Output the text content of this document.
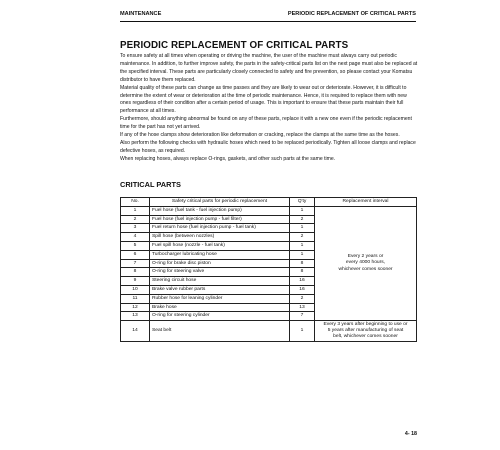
MAINTENANCE	PERIODIC REPLACEMENT OF CRITICAL PARTS
PERIODIC REPLACEMENT OF CRITICAL PARTS

To ensure safety at all times when operating or driving the machine, the user of the machine must always carry out periodic maintenance. In addition, to further improve safety, the parts in the safety-critical parts list on the next page must also be replaced at the specified interval. These parts are particularly closely connected to safety and fire prevention, so please contact your Komatsu distributor to have them replaced.

Material quality of these parts can change as time passes and they are likely to wear out or deteriorate. However, it is difficult to determine the extent of wear or deterioration at the time of periodic maintenance. Hence, it is required to replace them with new ones regardless of their condition after a certain period of usage. This is important to ensure that these parts maintain their full performance at all times.

Furthermore, should anything abnormal be found on any of these parts, replace it with a new one even if the periodic replacement time for the part has not yet arrived.

If any of the hose clamps show deterioration like deformation or cracking, replace the clamps at the same time as the hoses.

Also perform the following checks with hydraulic hoses which need to be replaced periodically. Tighten all loose clamps and replace defective hoses, as required.

When replacing hoses, always replace O-rings, gaskets, and other such parts at the same time.

CRITICAL PARTS
No.	Safety critical parts for periodic replacement	Q'ty	Replacement interval
1	Fuel hose (fuel tank - fuel injection pump)	1	Every 2 years or
every 4000 hours,
whichever comes sooner
2	Fuel hose (fuel injection pump - fuel filter)	2	
3	Fuel return hose (fuel injection pump - fuel tank)	1	
4	Spill hose (between nozzles)	2	
5	Fuel spill hose (nozzle - fuel tank)	1	
6	Turbocharger lubricating hose	1	
7	O-ring for brake disc piston	8	
8	O-ring for steering valve	8	
9	Steering circuit hose	16	
10	Brake valve rubber parts	16	
11	Rubber hose for leaning cylinder	2	
12	Brake hose	13	
13	O-ring for steering cylinder	7	
14	Seat belt	1	Every 3 years after beginning to use or
5 years after manufacturing of seat
belt, whichever comes sooner
4- 18
